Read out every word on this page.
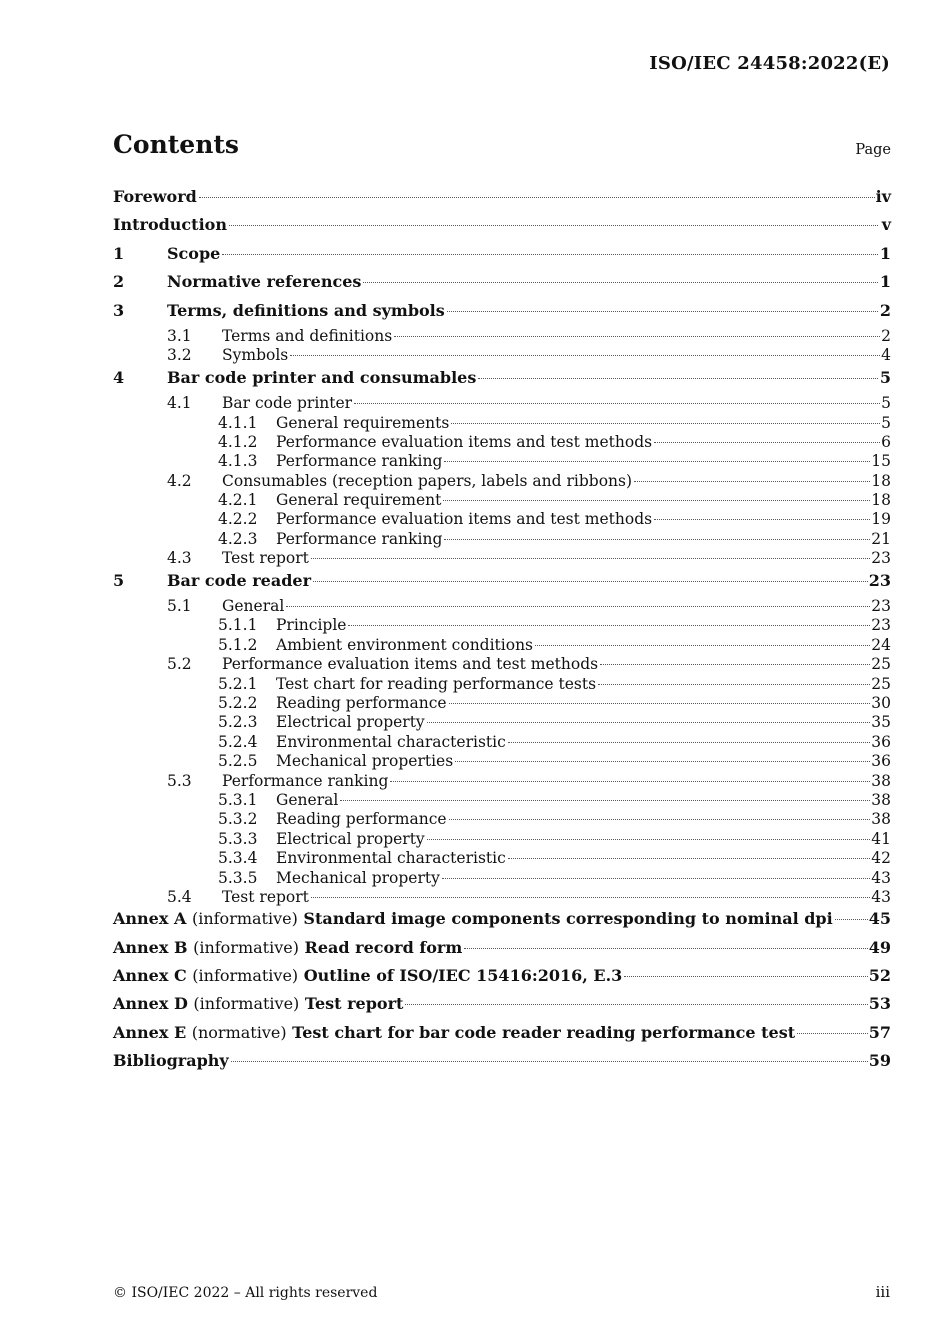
ISO/IEC 24458:2022(E)
Contents	Page
Foreword	iv
Introduction	v
1	Scope	1
2	Normative references	1
3	Terms, definitions and symbols	2
3.1	Terms and definitions	2
3.2	Symbols	4
4	Bar code printer and consumables	5
4.1	Bar code printer	5
4.1.1	General requirements	5
4.1.2	Performance evaluation items and test methods	6
4.1.3	Performance ranking	15
4.2	Consumables (reception papers, labels and ribbons)	18
4.2.1	General requirement	18
4.2.2	Performance evaluation items and test methods	19
4.2.3	Performance ranking	21
4.3	Test report	23
5	Bar code reader	23
5.1	General	23
5.1.1	Principle	23
5.1.2	Ambient environment conditions	24
5.2	Performance evaluation items and test methods	25
5.2.1	Test chart for reading performance tests	25
5.2.2	Reading performance	30
5.2.3	Electrical property	35
5.2.4	Environmental characteristic	36
5.2.5	Mechanical properties	36
5.3	Performance ranking	38
5.3.1	General	38
5.3.2	Reading performance	38
5.3.3	Electrical property	41
5.3.4	Environmental characteristic	42
5.3.5	Mechanical property	43
5.4	Test report	43
Annex A (informative) Standard image components corresponding to nominal dpi 45
Annex B (informative) Read record form	49
Annex C (informative) Outline of ISO/IEC 15416:2016, E.3	52
Annex D (informative) Test report	53
Annex E (normative) Test chart for bar code reader reading performance test	57
Bibliography	59
© ISO/IEC 2022 – All rights reserved	iii
